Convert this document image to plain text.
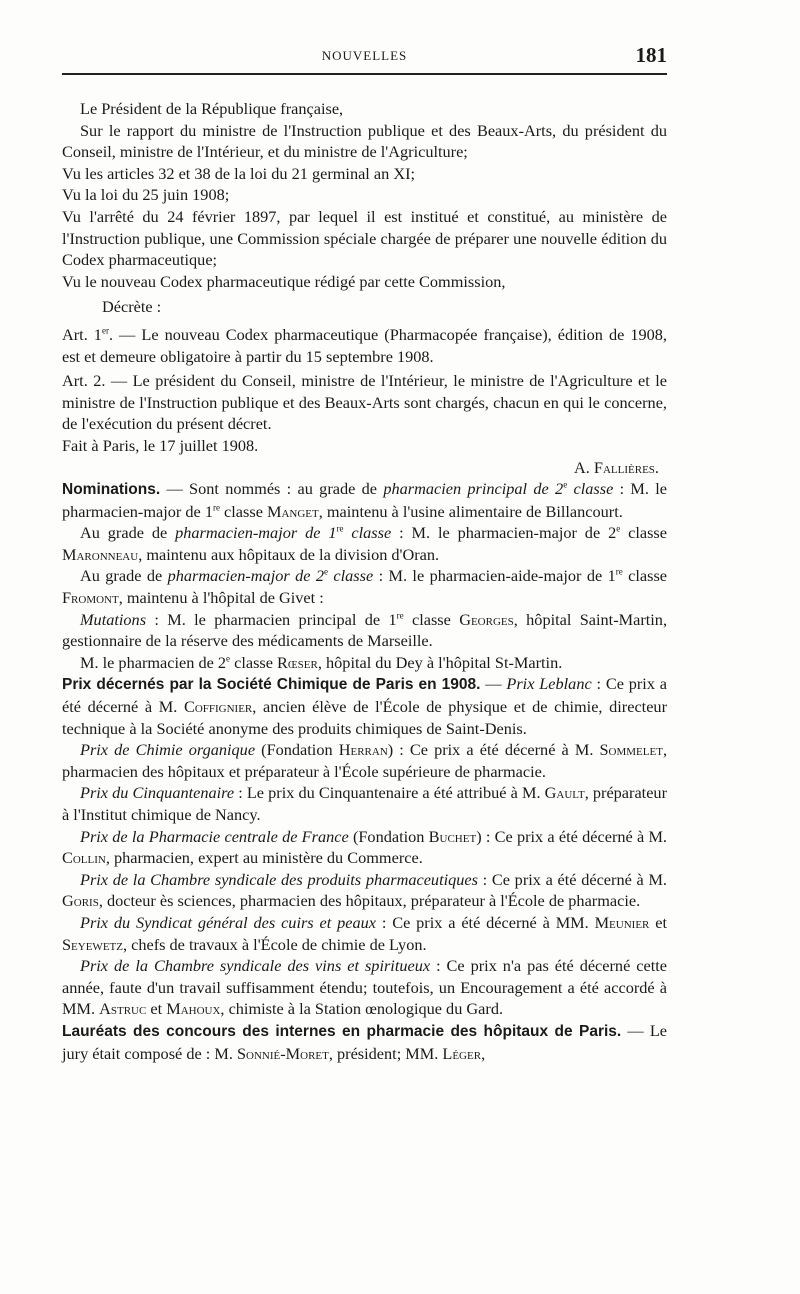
NOUVELLES	181

Le Président de la République française,

Sur le rapport du ministre de l'Instruction publique et des Beaux-Arts, du président du Conseil, ministre de l'Intérieur, et du ministre de l'Agriculture;

Vu les articles 32 et 38 de la loi du 21 germinal an XI;

Vu la loi du 25 juin 1908;

Vu l'arrêté du 24 février 1897, par lequel il est institué et constitué, au ministère de l'Instruction publique, une Commission spéciale chargée de préparer une nouvelle édition du Codex pharmaceutique;

Vu le nouveau Codex pharmaceutique rédigé par cette Commission,

Décrète :

Art. 1er. — Le nouveau Codex pharmaceutique (Pharmacopée française), édition de 1908, est et demeure obligatoire à partir du 15 septembre 1908.

Art. 2. — Le président du Conseil, ministre de l'Intérieur, le ministre de l'Agriculture et le ministre de l'Instruction publique et des Beaux-Arts sont chargés, chacun en qui le concerne, de l'exécution du présent décret.

Fait à Paris, le 17 juillet 1908.

A. Fallières.

Nominations. — Sont nommés : au grade de pharmacien principal de 2e classe : M. le pharmacien-major de 1re classe Manget, maintenu à l'usine alimentaire de Billancourt.

Au grade de pharmacien-major de 1re classe : M. le pharmacien-major de 2e classe Maronneau, maintenu aux hôpitaux de la division d'Oran.

Au grade de pharmacien-major de 2e classe : M. le pharmacien-aide-major de 1re classe Fromont, maintenu à l'hôpital de Givet :

Mutations : M. le pharmacien principal de 1re classe Georges, hôpital Saint-Martin, gestionnaire de la réserve des médicaments de Marseille.

M. le pharmacien de 2e classe Rœser, hôpital du Dey à l'hôpital St-Martin.

Prix décernés par la Société Chimique de Paris en 1908. — Prix Leblanc : Ce prix a été décerné à M. Coffignier, ancien élève de l'École de physique et de chimie, directeur technique à la Société anonyme des produits chimiques de Saint-Denis.

Prix de Chimie organique (Fondation Herran) : Ce prix a été décerné à M. Sommelet, pharmacien des hôpitaux et préparateur à l'École supérieure de pharmacie.

Prix du Cinquantenaire : Le prix du Cinquantenaire a été attribué à M. Gault, préparateur à l'Institut chimique de Nancy.

Prix de la Pharmacie centrale de France (Fondation Buchet) : Ce prix a été décerné à M. Collin, pharmacien, expert au ministère du Commerce.

Prix de la Chambre syndicale des produits pharmaceutiques : Ce prix a été décerné à M. Goris, docteur ès sciences, pharmacien des hôpitaux, préparateur à l'École de pharmacie.

Prix du Syndicat général des cuirs et peaux : Ce prix a été décerné à MM. Meunier et Seyewetz, chefs de travaux à l'École de chimie de Lyon.

Prix de la Chambre syndicale des vins et spiritueux : Ce prix n'a pas été décerné cette année, faute d'un travail suffisamment étendu; toutefois, un Encouragement a été accordé à MM. Astruc et Mahoux, chimiste à la Station œnologique du Gard.

Lauréats des concours des internes en pharmacie des hôpitaux de Paris. — Le jury était composé de : M. Sonnié-Moret, président; MM. Léger,
